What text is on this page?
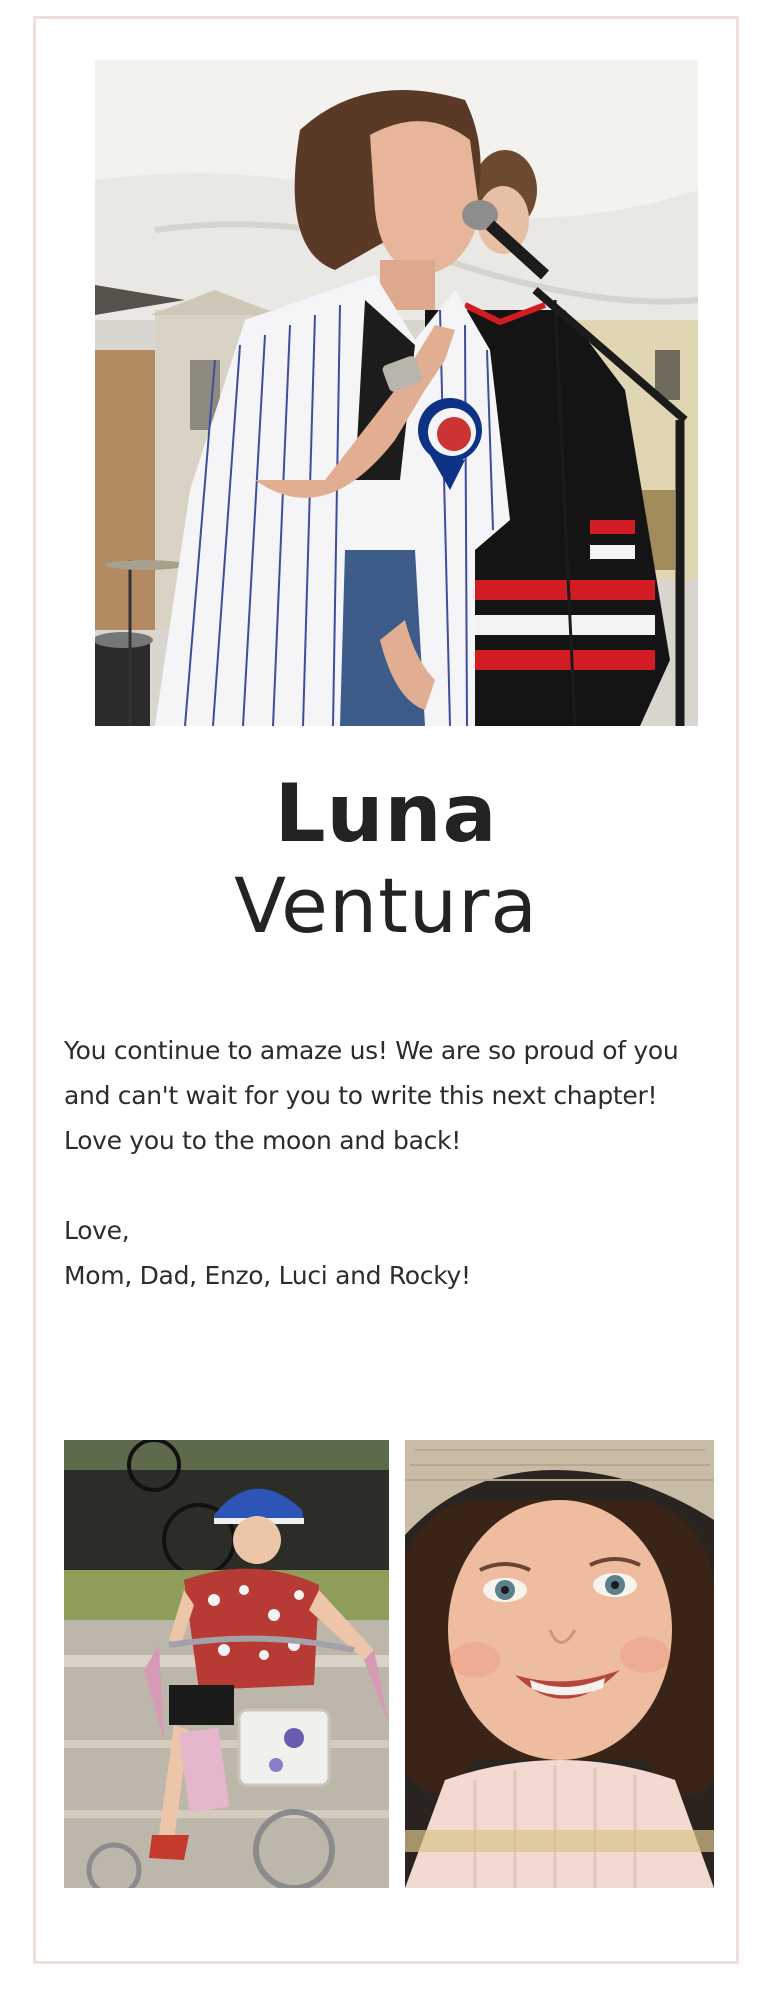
Luna
Ventura

You continue to amaze us! We are so proud of you

and can't wait for you to write this next chapter!

Love you to the moon and back!

Love,

Mom, Dad, Enzo, Luci and Rocky!
